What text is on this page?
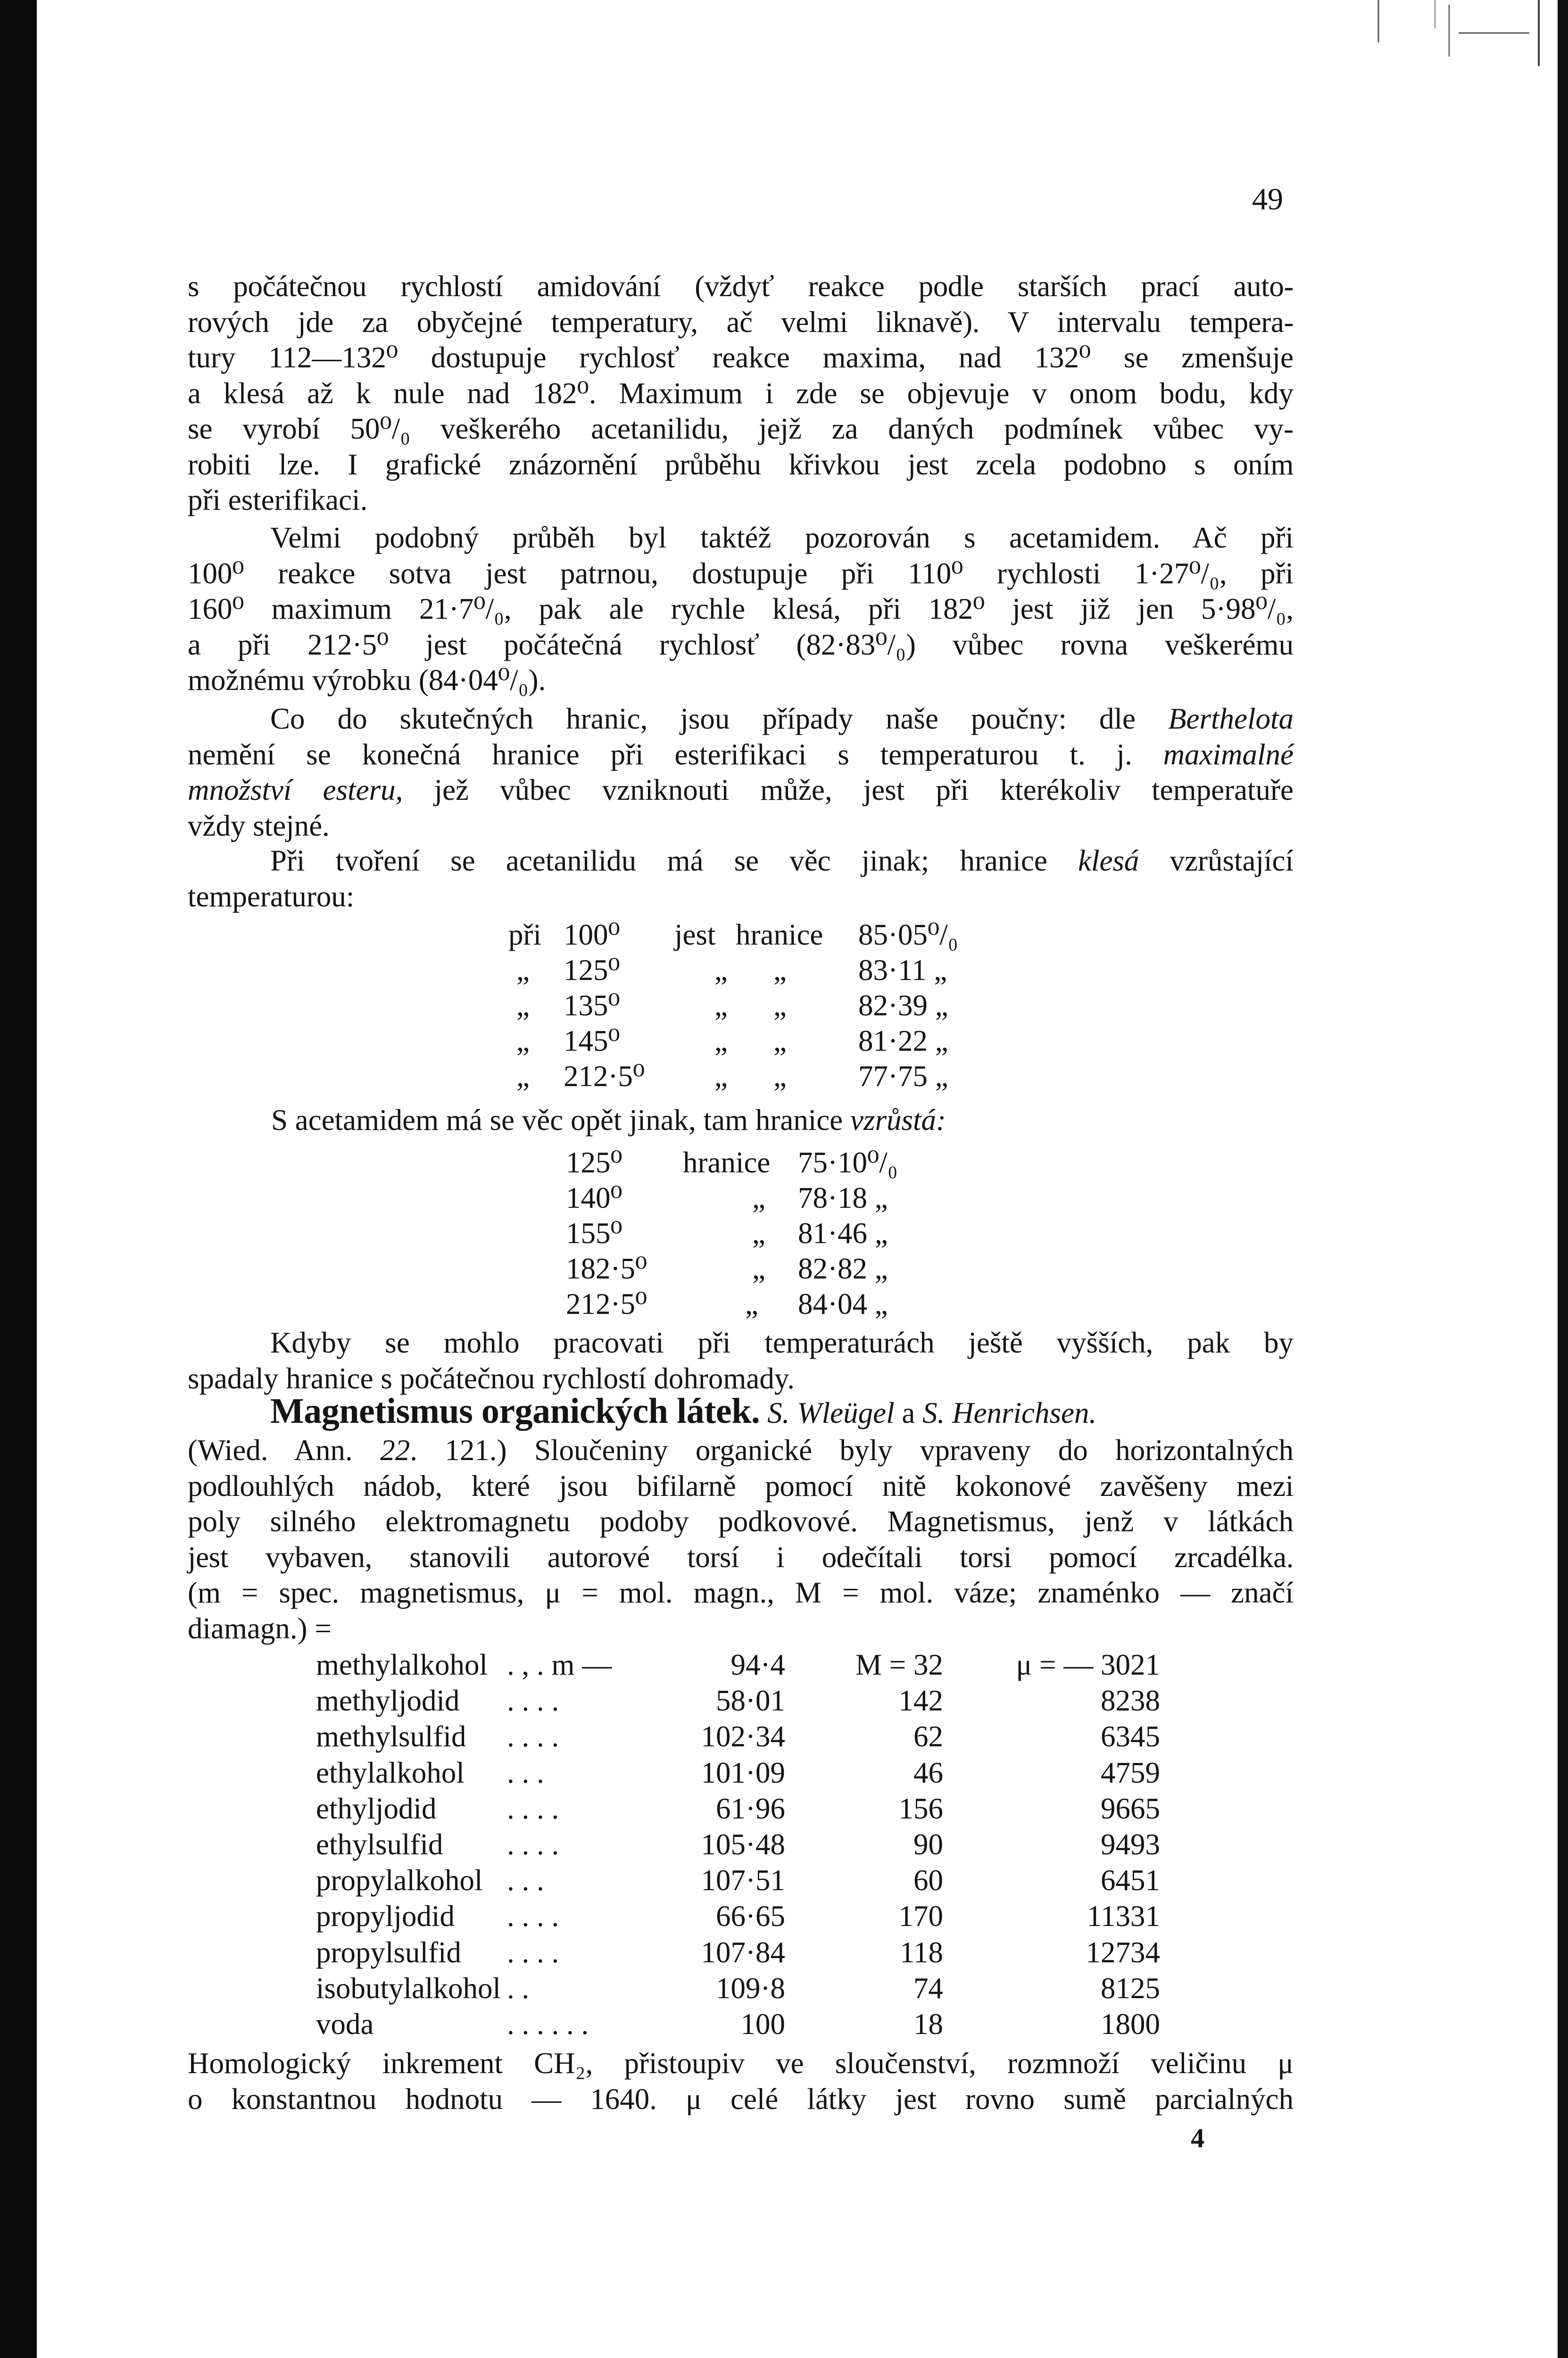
49

s počátečnou rychlostí amidování (vždyť reakce podle starších prací auto-

rových jde za obyčejné temperatury, ač velmi liknavě). V intervalu tempera-

tury 112—132⁰ dostupuje rychlosť reakce maxima, nad 132⁰ se zmenšuje

a klesá až k nule nad 182⁰. Maximum i zde se objevuje v onom bodu, kdy

se vyrobí 50⁰/₀ veškerého acetanilidu, jejž za daných podmínek vůbec vy-

robiti lze. I grafické znázornění průběhu křivkou jest zcela podobno s oním

při esterifikaci.

Velmi podobný průběh byl taktéž pozorován s acetamidem. Ač při

100⁰ reakce sotva jest patrnou, dostupuje při 110⁰ rychlosti 1·27⁰/₀, při

160⁰ maximum 21·7⁰/₀, pak ale rychle klesá, při 182⁰ jest již jen 5·98⁰/₀,

a při 212·5⁰ jest počátečná rychlosť (82·83⁰/₀) vůbec rovna veškerému

možnému výrobku (84·04⁰/₀).

Co do skutečných hranic, jsou případy naše poučny: dle Berthelota

nemění se konečná hranice při esterifikaci s temperaturou t. j. maximalné

množství esteru, jež vůbec vzniknouti může, jest při kterékoliv temperatuře

vždy stejné.

Při tvoření se acetanilidu má se věc jinak; hranice klesá vzrůstající

temperaturou:

při 100⁰ jest hranice 85·05⁰/₀
„ 125⁰	„ „ 83·11 „
„ 135⁰	„ „ 82·39 „
„ 145⁰	„ „ 81·22 „
„ 212·5⁰ „ „ 77·75 „
S acetamidem má se věc opět jinak, tam hranice vzrůstá:
125⁰ hranice 75·10⁰/₀
140⁰	„ 78·18 „
155⁰	„ 81·46 „
182·5⁰	„ 82·82 „
212·5⁰	„ 84·04 „

Kdyby se mohlo pracovati při temperaturách ještě vyšších, pak by

spadaly hranice s počátečnou rychlostí dohromady.

Magnetismus organických látek. S. Wleügel a S. Henrichsen.

(Wied. Ann. 22. 121.) Sloučeniny organické byly vpraveny do horizontalných

podlouhlých nádob, které jsou bifilarně pomocí nitě kokonové zavěšeny mezi

poly silného elektromagnetu podoby podkovové. Magnetismus, jenž v látkách

jest vybaven, stanovili autorové torsí i odečítali torsi pomocí zrcadélka.

(m = spec. magnetismus, μ = mol. magn., M = mol. váze; znaménko — značí

diamagn.) =

methylalkohol . , . m —	94·4 M = 32 μ = — 3021
methyljodid . . . .	58·01	142	8238
methylsulfid . . . .	102·34	62	6345
ethylalkohol . . .	101·09	46	4759
ethyljodid . . . .	61·96	156	9665
ethylsulfid . . . .	105·48	90	9493
propylalkohol . . .	107·51	60	6451
propyljodid . . . .	66·65	170	11331
propylsulfid . . . .	107·84	118	12734
isobutylalkohol . .	109·8	74	8125
voda	. . . . . .	100	18	1800

Homologický inkrement CH₂, přistoupiv ve sloučenství, rozmnoží veličinu μ

o konstantnou hodnotu — 1640. μ celé látky jest rovno sumě parcialných

4
